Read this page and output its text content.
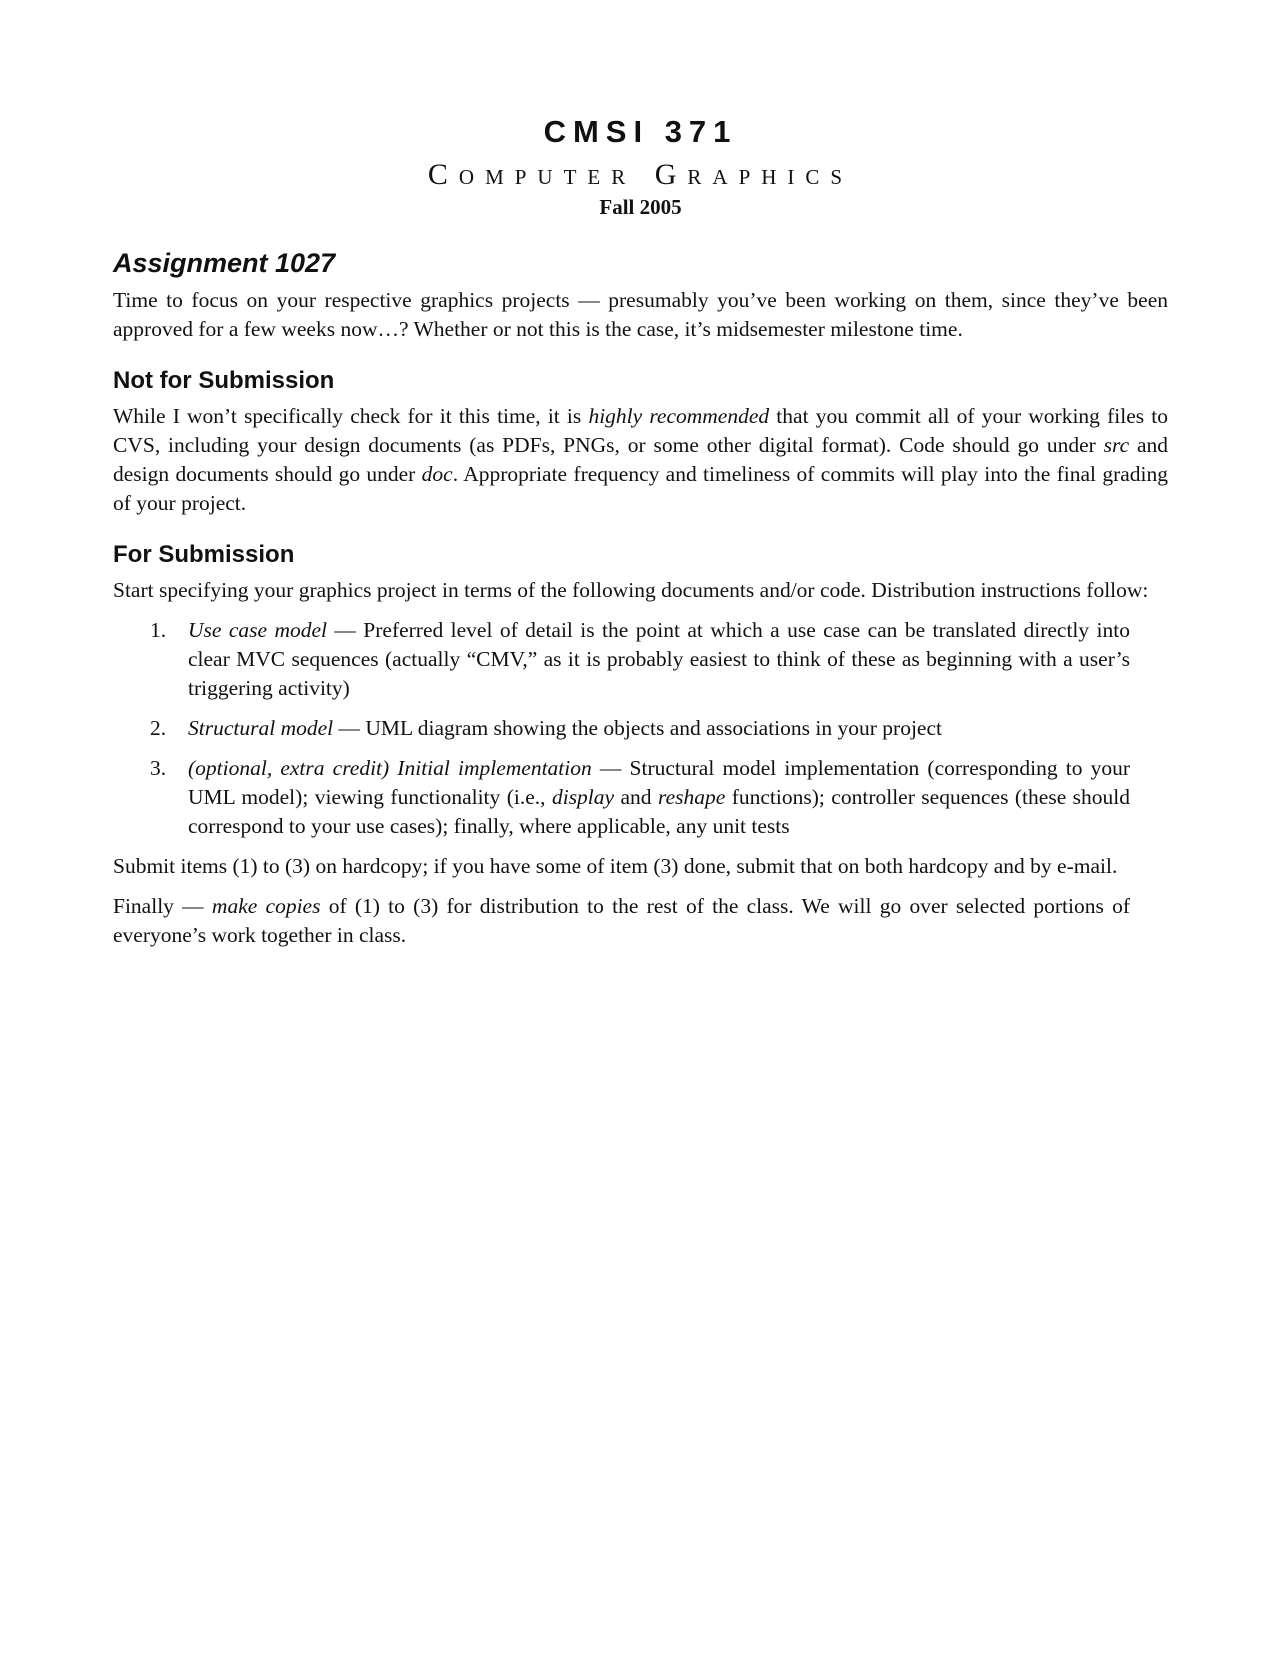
CMSI 371
Computer Graphics
Fall 2005
Assignment 1027

Time to focus on your respective graphics projects — presumably you’ve been working on them, since they’ve been approved for a few weeks now…? Whether or not this is the case, it’s midsemester milestone time.

Not for Submission

While I won’t specifically check for it this time, it is highly recommended that you commit all of your working files to CVS, including your design documents (as PDFs, PNGs, or some other digital format). Code should go under src and design documents should go under doc. Appropriate frequency and timeliness of commits will play into the final grading of your project.

For Submission

Start specifying your graphics project in terms of the following documents and/or code. Distribution instructions follow:

1. Use case model — Preferred level of detail is the point at which a use case can be translated directly into clear MVC sequences (actually “CMV,” as it is probably easiest to think of these as beginning with a user’s triggering activity)
2. Structural model — UML diagram showing the objects and associations in your project
3. (optional, extra credit) Initial implementation — Structural model implementation (corresponding to your UML model); viewing functionality (i.e., display and reshape functions); controller sequences (these should correspond to your use cases); finally, where applicable, any unit tests

Submit items (1) to (3) on hardcopy; if you have some of item (3) done, submit that on both hardcopy and by e-mail.

Finally — make copies of (1) to (3) for distribution to the rest of the class. We will go over selected portions of everyone’s work together in class.
